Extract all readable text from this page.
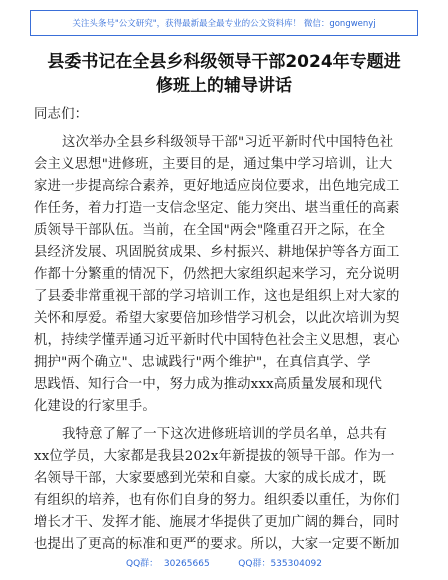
关注头条号"公文研究"，获得最新最全最专业的公文资料库！ 微信：gongwenyj
县委书记在全县乡科级领导干部2024年专题进
修班上的辅导讲话
同志们：
这次举办全县乡科级领导干部"习近平新时代中国特色社
会主义思想"进修班，主要目的是，通过集中学习培训，让大
家进一步提高综合素养，更好地适应岗位要求，出色地完成工
作任务，着力打造一支信念坚定、能力突出、堪当重任的高素
质领导干部队伍。当前，在全国"两会"隆重召开之际，在全
县经济发展、巩固脱贫成果、乡村振兴、耕地保护等各方面工
作都十分繁重的情况下，仍然把大家组织起来学习，充分说明
了县委非常重视干部的学习培训工作，这也是组织上对大家的
关怀和厚爱。希望大家要倍加珍惜学习机会，以此次培训为契
机，持续学懂弄通习近平新时代中国特色社会主义思想，衷心
拥护"两个确立"、忠诚践行"两个维护"，在真信真学、学
思践悟、知行合一中，努力成为推动xxx高质量发展和现代
化建设的行家里手。
我特意了解了一下这次进修班培训的学员名单，总共有
xx位学员，大家都是我县202x年新提拔的领导干部。作为一
名领导干部，大家要感到光荣和自豪。大家的成长成才，既
有组织的培养，也有你们自身的努力。组织委以重任，为你们
增长才干、发挥才能、施展才华提供了更加广阔的舞台，同时
也提出了更高的标准和更严的要求。所以，大家一定要不断加
QQ群：  30265665          QQ群：535304092
